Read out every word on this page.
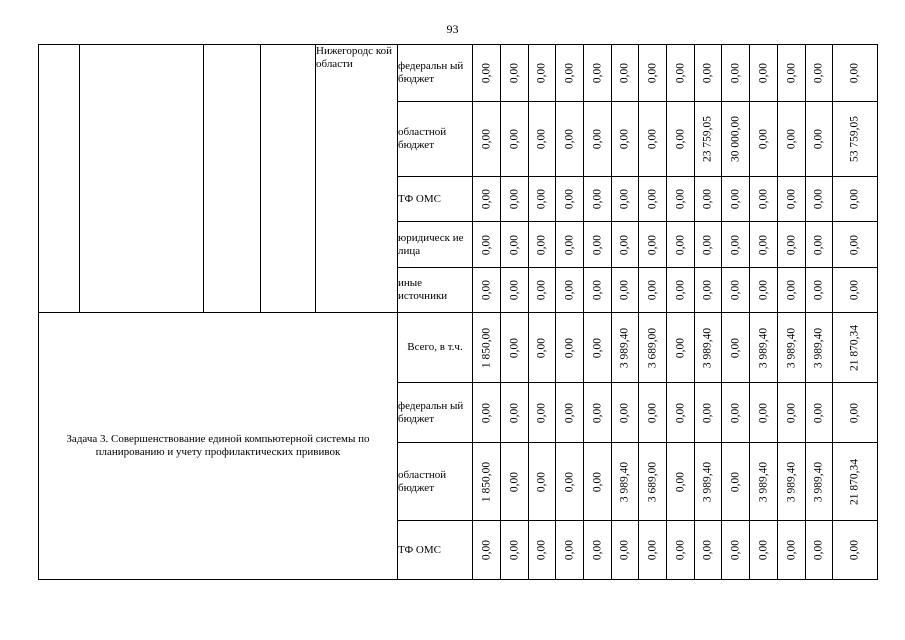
93
				Нижегородс кой области	федеральн ый бюджет	0,00	0,00	0,00	0,00	0,00	0,00	0,00	0,00	0,00	0,00	0,00	0,00	0,00	0,00

					областной бюджет	0,00	0,00	0,00	0,00	0,00	0,00	0,00	0,00	23 759,05	30 000,00	0,00	0,00	0,00	53 759,05

					ТФ ОМС	0,00	0,00	0,00	0,00	0,00	0,00	0,00	0,00	0,00	0,00	0,00	0,00	0,00	0,00

					юридическ ие лица	0,00	0,00	0,00	0,00	0,00	0,00	0,00	0,00	0,00	0,00	0,00	0,00	0,00	0,00

					иные источники	0,00	0,00	0,00	0,00	0,00	0,00	0,00	0,00	0,00	0,00	0,00	0,00	0,00	0,00

Задача 3. Совершенствование единой компьютерной системы по планированию и учету профилактических прививок					Всего, в т.ч.	1 850,00	0,00	0,00	0,00	0,00	3 989,40	3 689,00	0,00	3 989,40	0,00	3 989,40	3 989,40	3 989,40	21 870,34

					федеральн ый бюджет	0,00	0,00	0,00	0,00	0,00	0,00	0,00	0,00	0,00	0,00	0,00	0,00	0,00	0,00

					областной бюджет	1 850,00	0,00	0,00	0,00	0,00	3 989,40	3 689,00	0,00	3 989,40	0,00	3 989,40	3 989,40	3 989,40	21 870,34

					ТФ ОМС	0,00	0,00	0,00	0,00	0,00	0,00	0,00	0,00	0,00	0,00	0,00	0,00	0,00	0,00
